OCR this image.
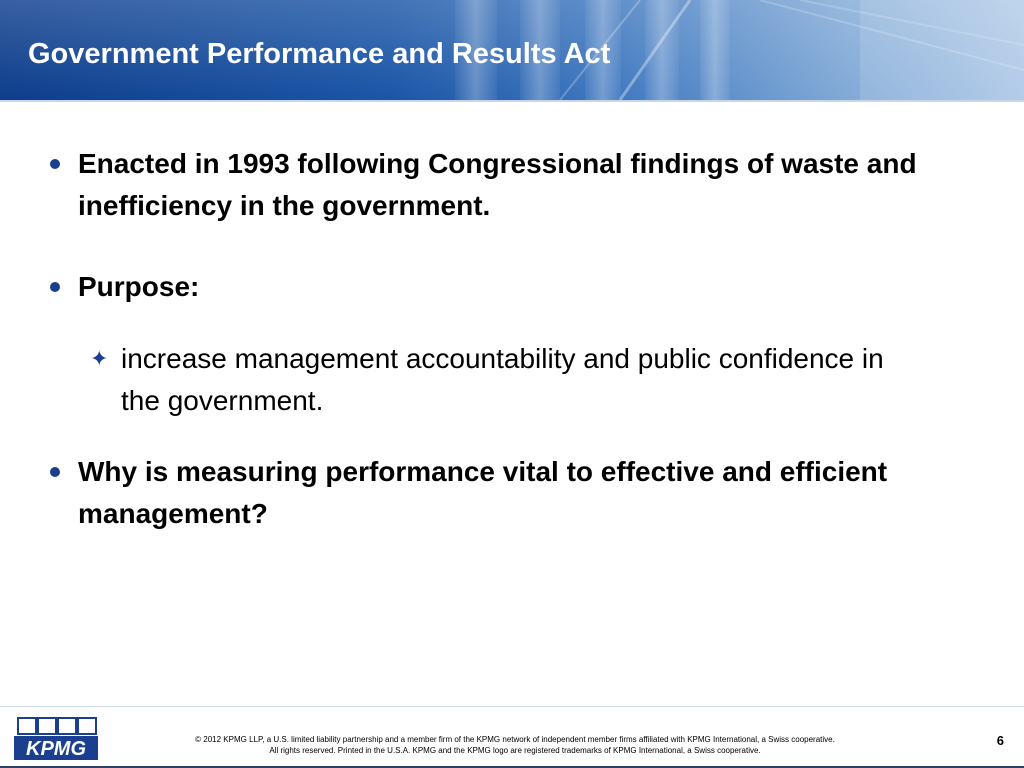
Government Performance and Results Act
Enacted in 1993 following Congressional findings of waste and inefficiency in the government.
Purpose:
✦ increase management accountability and public confidence in the government.
Why is measuring performance vital to effective and efficient management?
KPMG	© 2012 KPMG LLP, a U.S. limited liability partnership and a member firm of the KPMG network of independent member firms affiliated with KPMG International, a Swiss cooperative.
All rights reserved. Printed in the U.S.A. KPMG and the KPMG logo are registered trademarks of KPMG International, a Swiss cooperative.
6
